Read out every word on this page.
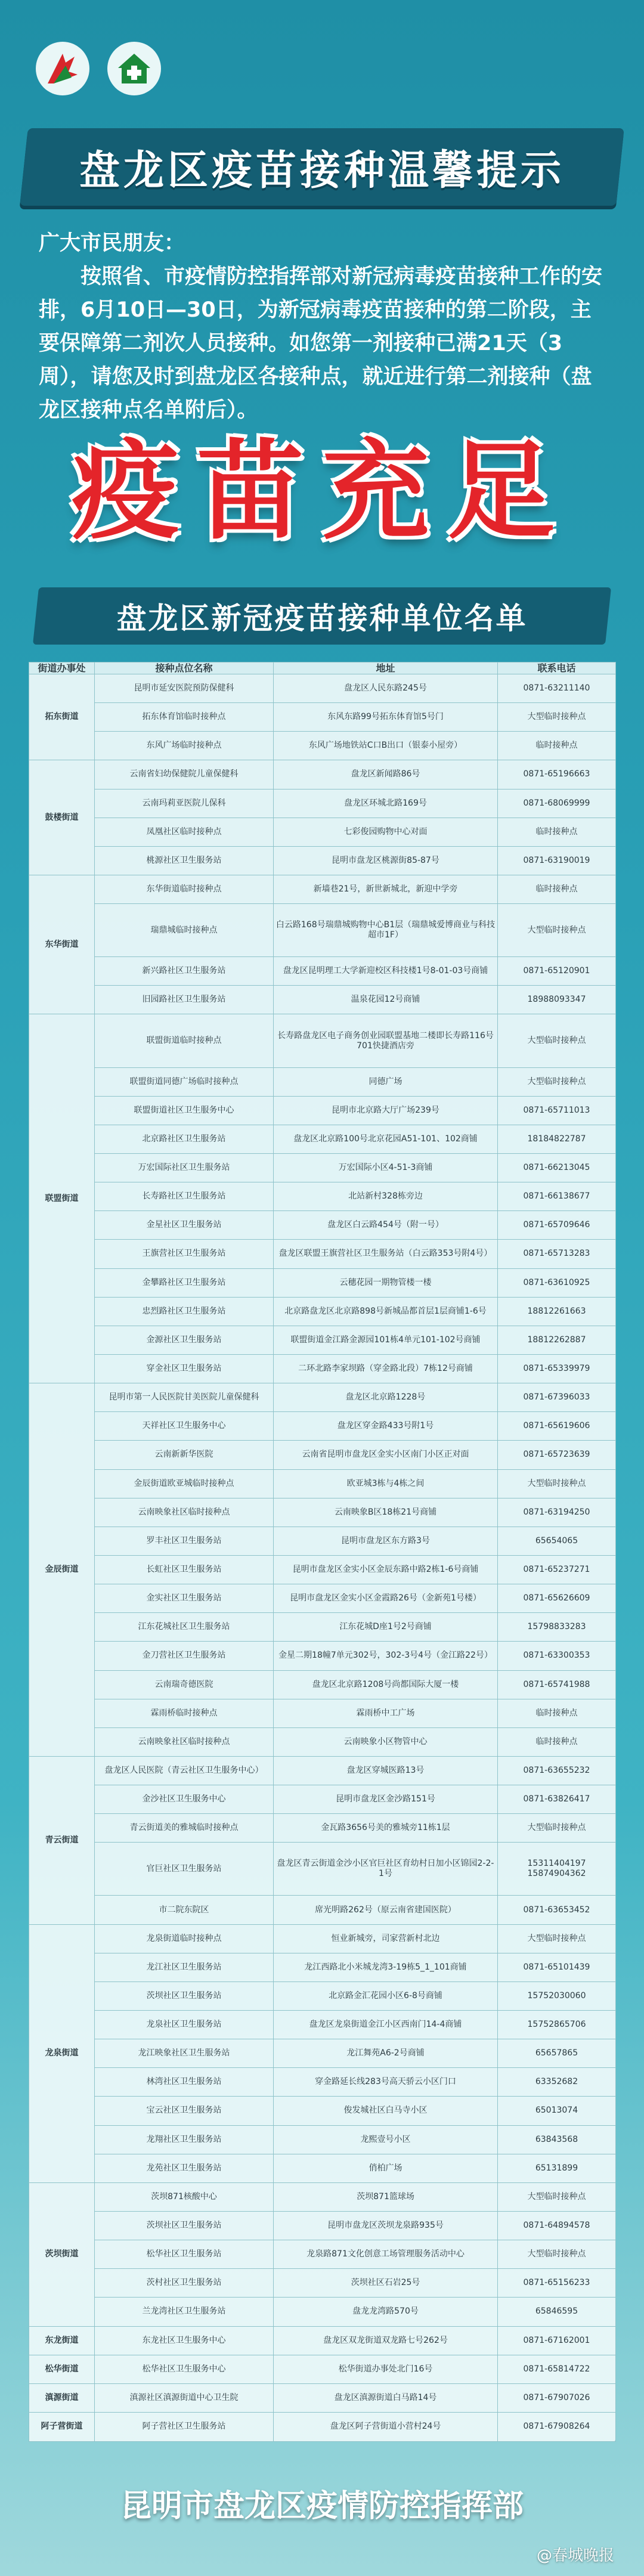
盘龙区疫苗接种温馨提示

广大市民朋友：

按照省、市疫情防控指挥部对新冠病毒疫苗接种工作的安排，6月10日—30日，为新冠病毒疫苗接种的第二阶段，主要保障第二剂次人员接种。如您第一剂接种已满21天（3周），请您及时到盘龙区各接种点，就近进行第二剂接种（盘龙区接种点名单附后）。

疫苗充足
盘龙区新冠疫苗接种单位名单
街道办事处	接种点位名称	地址	联系电话
拓东街道	昆明市延安医院预防保健科	盘龙区人民东路245号	0871-63211140
	拓东体育馆临时接种点	东风东路99号拓东体育馆5号门	大型临时接种点
	东风广场临时接种点	东风广场地铁站C口B出口（银泰小屋旁）	临时接种点
鼓楼街道	云南省妇幼保健院儿童保健科	盘龙区新闻路86号	0871-65196663
	云南玛莉亚医院儿保科	盘龙区环城北路169号	0871-68069999
	凤凰社区临时接种点	七彩俊园购物中心对面	临时接种点
	桃源社区卫生服务站	昆明市盘龙区桃源街85-87号	0871-63190019
东华街道	东华街道临时接种点	新墙巷21号，新世新城北，新迎中学旁	临时接种点
	瑞鼎城临时接种点	白云路168号瑞鼎城购物中心B1层（瑞鼎城爱博商业与科技超市1F）	大型临时接种点
	新兴路社区卫生服务站	盘龙区昆明理工大学新迎校区科技楼1号8-01-03号商铺	0871-65120901
	旧园路社区卫生服务站	温泉花园12号商铺	18988093347
联盟街道	联盟街道临时接种点	长寿路盘龙区电子商务创业园联盟基地二楼即长寿路116号701快捷酒店旁	大型临时接种点
	联盟街道同德广场临时接种点	同德广场	大型临时接种点
	联盟街道社区卫生服务中心	昆明市北京路大厅广场239号	0871-65711013
	北京路社区卫生服务站	盘龙区北京路100号北京花园A51-101、102商铺	18184822787
	万宏国际社区卫生服务站	万宏国际小区4-51-3商铺	0871-66213045
	长寿路社区卫生服务站	北站新村328栋旁边	0871-66138677
	金星社区卫生服务站	盘龙区白云路454号（附一号）	0871-65709646
	王旗营社区卫生服务站	盘龙区联盟王旗营社区卫生服务站（白云路353号附4号）	0871-65713283
	金攀路社区卫生服务站	云穗花园一期物管楼一楼	0871-63610925
	忠烈路社区卫生服务站	北京路盘龙区北京路898号新城品都首层1层商铺1-6号	18812261663
	金源社区卫生服务站	联盟街道金江路金源园101栋4单元101-102号商铺	18812262887
	穿金社区卫生服务站	二环北路李家坝路（穿金路北段）7栋12号商铺	0871-65339979
金辰街道	昆明市第一人民医院甘美医院儿童保健科	盘龙区北京路1228号	0871-67396033
	天祥社区卫生服务中心	盘龙区穿金路433号附1号	0871-65619606
	云南新新华医院	云南省昆明市盘龙区金实小区南门小区正对面	0871-65723639
	金辰街道欧亚城临时接种点	欧亚城3栋与4栋之间	大型临时接种点
	云南映象社区临时接种点	云南映象B区18栋21号商铺	0871-63194250
	罗丰社区卫生服务站	昆明市盘龙区东方路3号	65654065
	长虹社区卫生服务站	昆明市盘龙区金实小区金辰东路中路2栋1-6号商铺	0871-65237271
	金实社区卫生服务站	昆明市盘龙区金实小区金霞路26号（金新苑1号楼）	0871-65626609
	江东花城社区卫生服务站	江东花城D座1号2号商铺	15798833283
	金刀营社区卫生服务站	金星二期18幢7单元302号，302-3号4号（金江路22号）	0871-63300353
	云南瑞奇德医院	盘龙区北京路1208号尚都国际大厦一楼	0871-65741988
	霖雨桥临时接种点	霖雨桥中工广场	临时接种点
	云南映象社区临时接种点	云南映象小区物管中心	临时接种点
青云街道	盘龙区人民医院（青云社区卫生服务中心）	盘龙区穿城医路13号	0871-63655232
	金沙社区卫生服务中心	昆明市盘龙区金沙路151号	0871-63826417
	青云街道美的雅城临时接种点	金瓦路3656号美的雅城旁11栋1层	大型临时接种点
	官巨社区卫生服务站	盘龙区青云街道金沙小区官巨社区育幼村日加小区锦园2-2-1号	15311404197 15874904362
	市二院东院区	席光明路262号（原云南省建国医院）	0871-63653452
龙泉街道	龙泉街道临时接种点	恒业新城旁，司家营新村北边	大型临时接种点
	龙江社区卫生服务站	龙江西路北小米城龙湾3-19栋5_1_101商铺	0871-65101439
	茨坝社区卫生服务站	北京路金汇花园小区6-8号商铺	15752030060
	龙泉社区卫生服务站	盘龙区龙泉街道金江小区西南门14-4商铺	15752865706
	龙江映象社区卫生服务站	龙江舞苑A6-2号商铺	65657865
	林湾社区卫生服务站	穿金路延长线283号高天骄云小区门口	63352682
	宝云社区卫生服务站	俊发城社区白马寺小区	65013074
	龙翔社区卫生服务站	龙熙壹号小区	63843568
	龙苑社区卫生服务站	俏柏广场	65131899
茨坝街道	茨坝871核酸中心	茨坝871篮球场	大型临时接种点
	茨坝社区卫生服务站	昆明市盘龙区茨坝龙泉路935号	0871-64894578
	松华社区卫生服务站	龙泉路871文化创意工场管理服务活动中心	大型临时接种点
	茨村社区卫生服务站	茨坝社区石岩25号	0871-65156233
	兰龙湾社区卫生服务站	盘龙龙湾路570号	65846595
东龙街道	东龙社区卫生服务中心	盘龙区双龙街道双龙路七号262号	0871-67162001
松华街道	松华社区卫生服务中心	松华街道办事处北门16号	0871-65814722
滇源街道	滇源社区滇源街道中心卫生院	盘龙区滇源街道白马路14号	0871-67907026
阿子营街道	阿子营社区卫生服务站	盘龙区阿子营街道小营村24号	0871-67908264
昆明市盘龙区疫情防控指挥部
@春城晚报
